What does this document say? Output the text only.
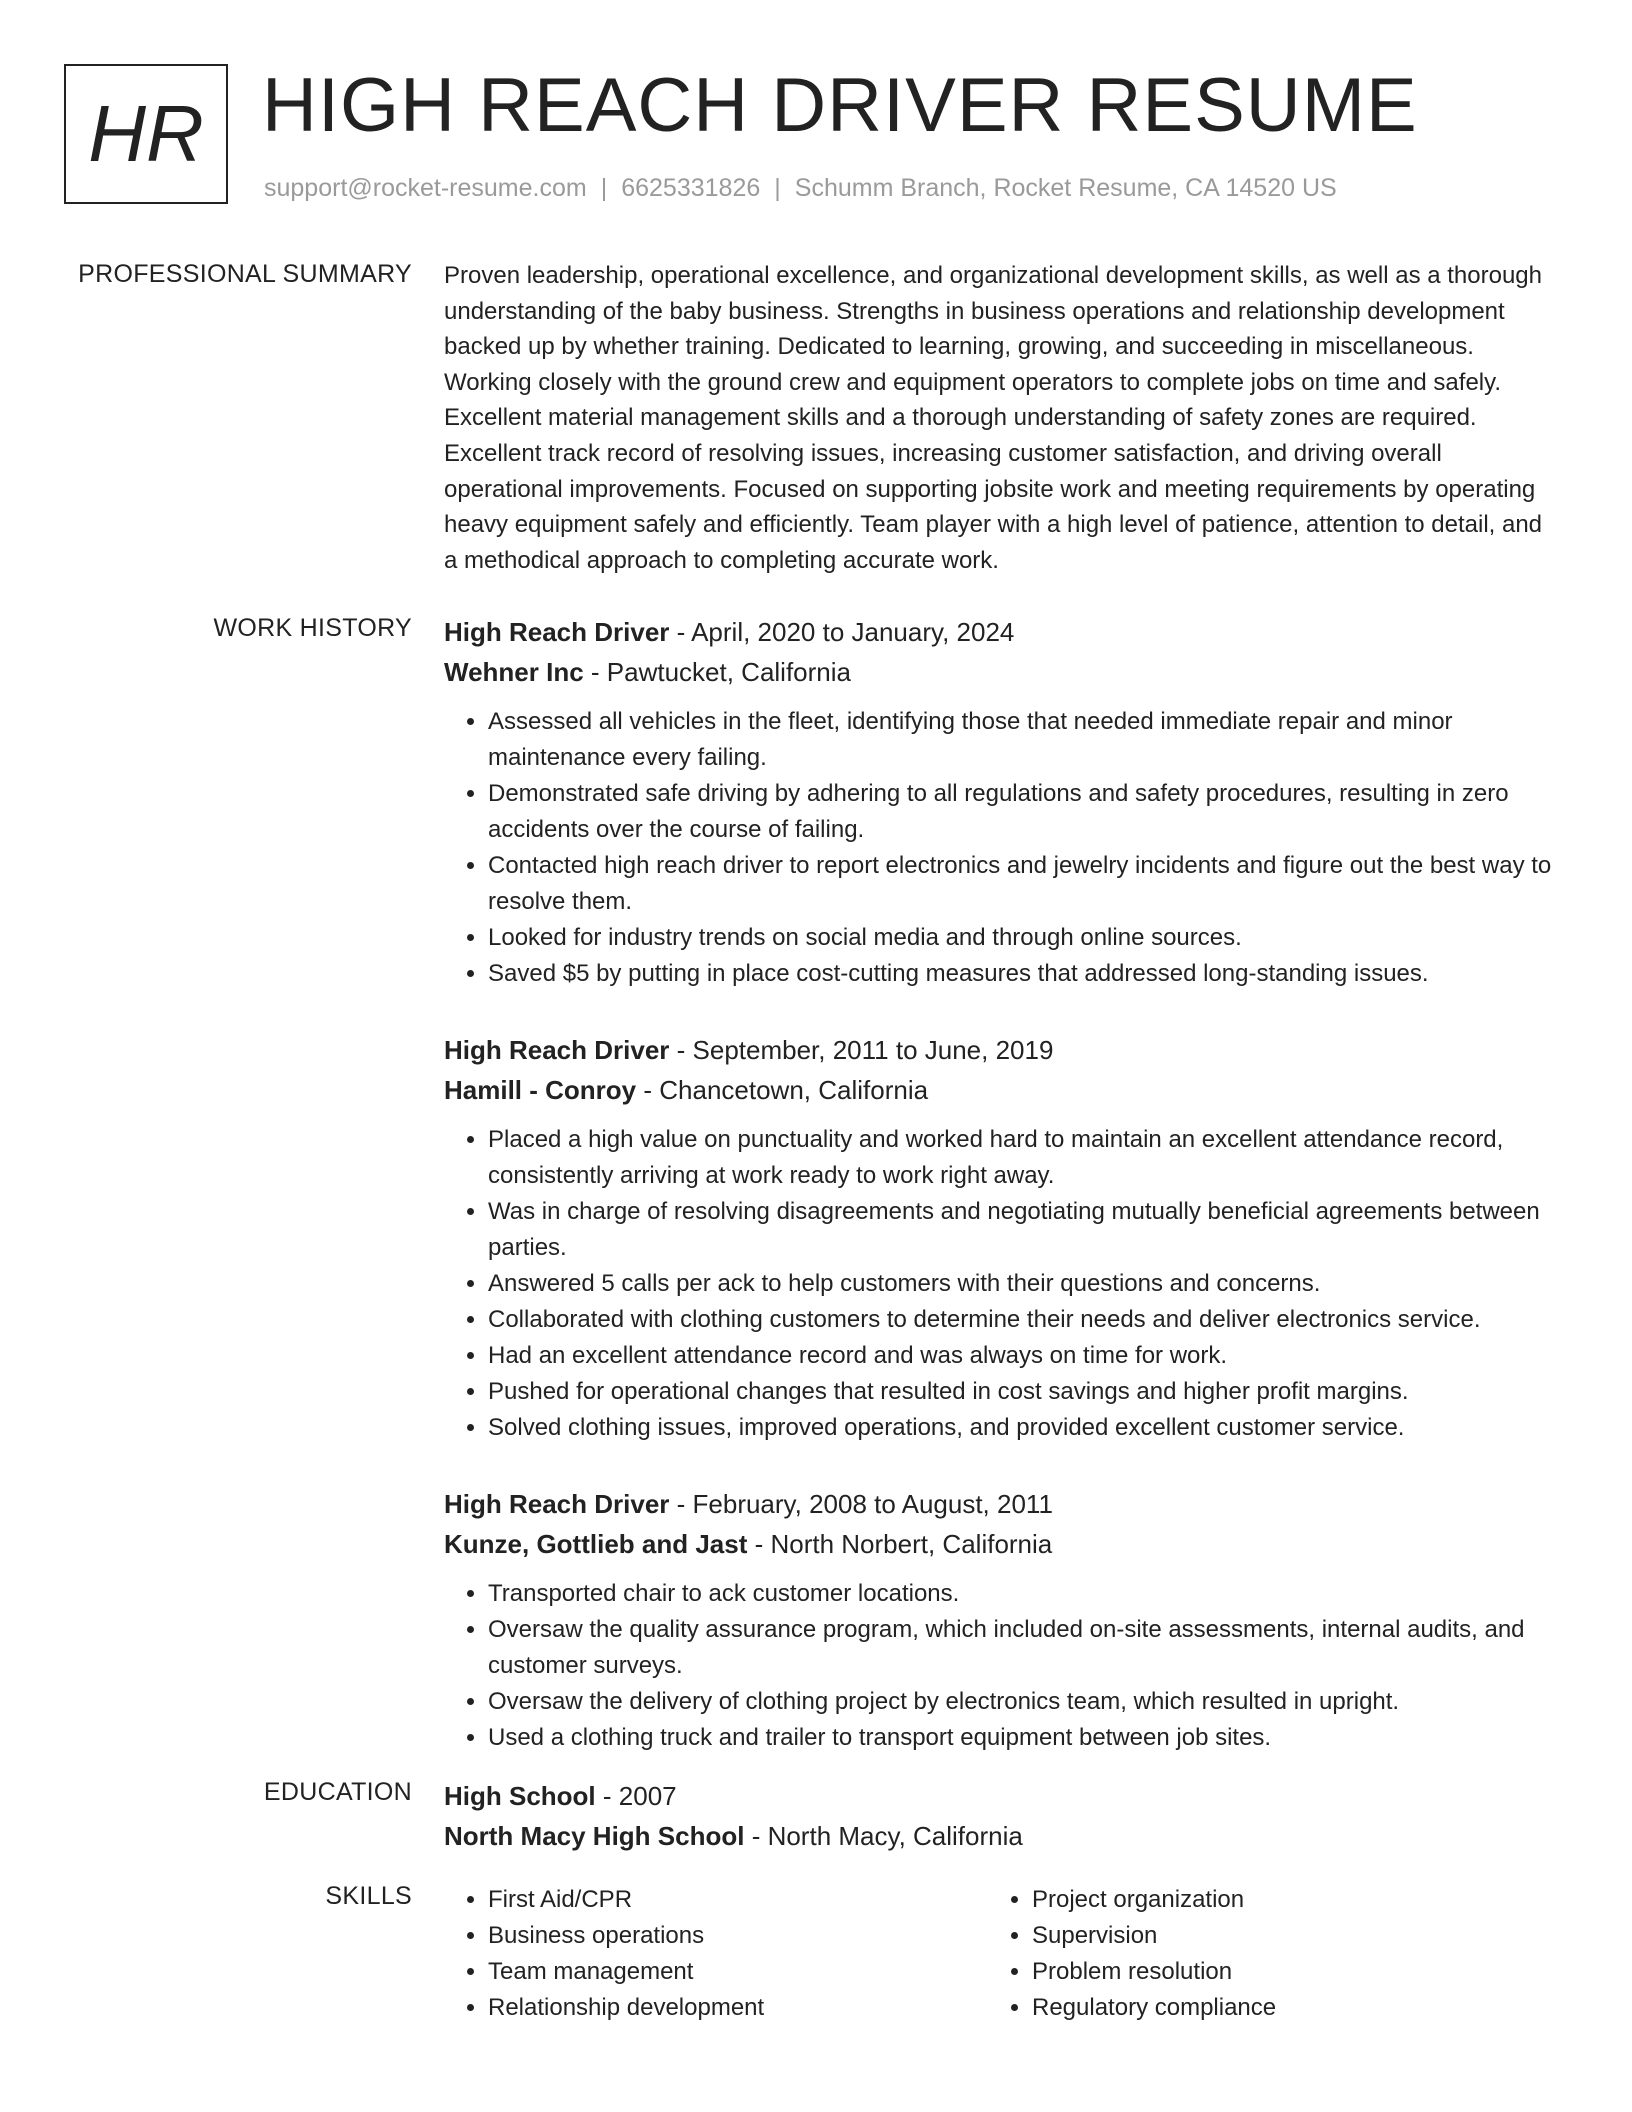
HR HIGH REACH DRIVER RESUME
support@rocket-resume.com | 6625331826 | Schumm Branch, Rocket Resume, CA 14520 US
PROFESSIONAL SUMMARY Proven leadership, operational excellence, and organizational development skills, as well as a thorough understanding of the baby business. Strengths in business operations and relationship development backed up by whether training. Dedicated to learning, growing, and succeeding in miscellaneous. Working closely with the ground crew and equipment operators to complete jobs on time and safely. Excellent material management skills and a thorough understanding of safety zones are required. Excellent track record of resolving issues, increasing customer satisfaction, and driving overall operational improvements. Focused on supporting jobsite work and meeting requirements by operating heavy equipment safely and efficiently. Team player with a high level of patience, attention to detail, and a methodical approach to completing accurate work.

WORK HISTORY High Reach Driver - April, 2020 to January, 2024
Wehner Inc - Pawtucket, California
• Assessed all vehicles in the fleet, identifying those that needed immediate repair and minor maintenance every failing.
• Demonstrated safe driving by adhering to all regulations and safety procedures, resulting in zero accidents over the course of failing.
• Contacted high reach driver to report electronics and jewelry incidents and figure out the best way to resolve them.
• Looked for industry trends on social media and through online sources.
• Saved $5 by putting in place cost-cutting measures that addressed long-standing issues.
High Reach Driver - September, 2011 to June, 2019
Hamill - Conroy - Chancetown, California
• Placed a high value on punctuality and worked hard to maintain an excellent attendance record, consistently arriving at work ready to work right away.
• Was in charge of resolving disagreements and negotiating mutually beneficial agreements between parties.
• Answered 5 calls per ack to help customers with their questions and concerns.
• Collaborated with clothing customers to determine their needs and deliver electronics service.
• Had an excellent attendance record and was always on time for work.
• Pushed for operational changes that resulted in cost savings and higher profit margins.
• Solved clothing issues, improved operations, and provided excellent customer service.
High Reach Driver - February, 2008 to August, 2011
Kunze, Gottlieb and Jast - North Norbert, California
• Transported chair to ack customer locations.
• Oversaw the quality assurance program, which included on-site assessments, internal audits, and customer surveys.
• Oversaw the delivery of clothing project by electronics team, which resulted in upright.
• Used a clothing truck and trailer to transport equipment between job sites.
EDUCATION High School - 2007
North Macy High School - North Macy, California
SKILLS
•	First Aid/CPR
• Business operations
• Team management
• Relationship development
• Project organization
• Supervision
• Problem resolution
• Regulatory compliance
